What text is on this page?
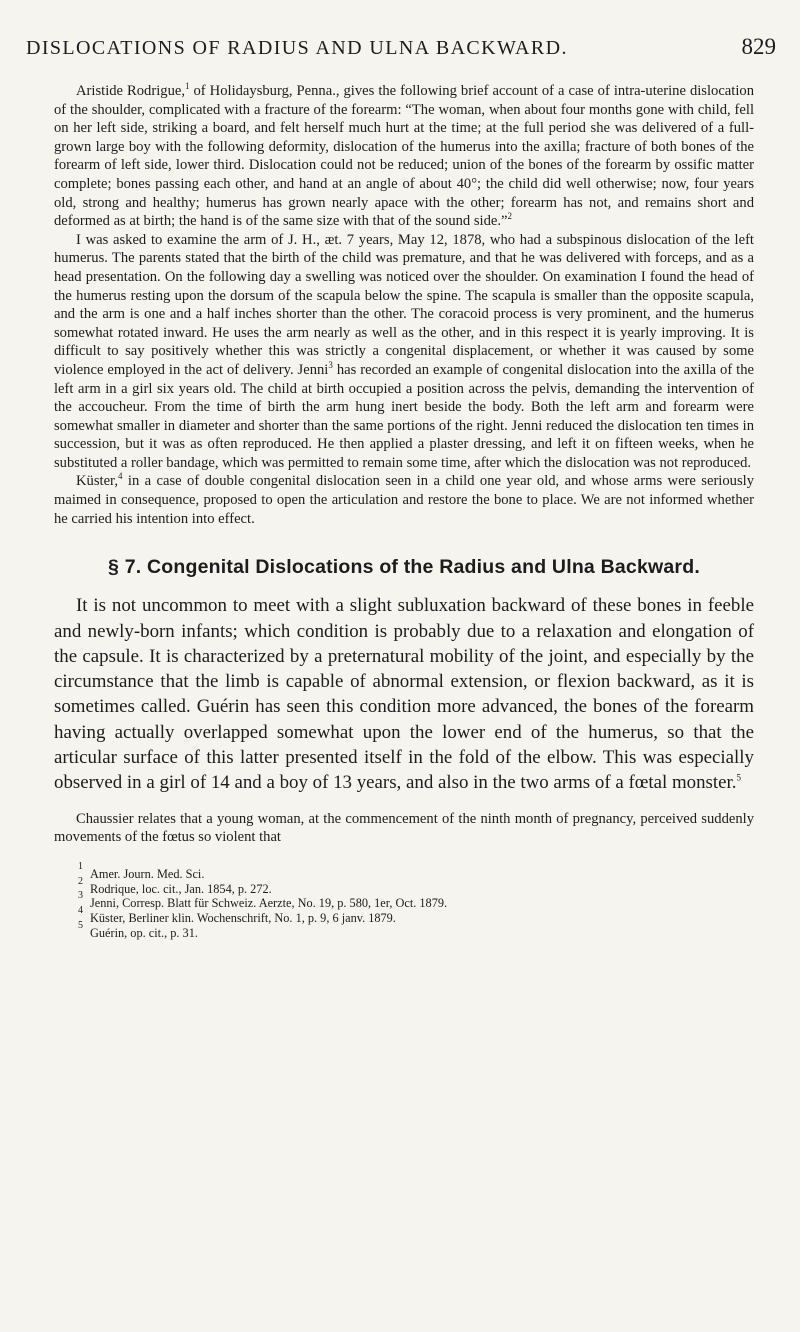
DISLOCATIONS OF RADIUS AND ULNA BACKWARD.	829

Aristide Rodrigue,$^1$ of Holidaysburg, Penna., gives the following brief account of a case of intra-uterine dislocation of the shoulder, complicated with a fracture of the forearm: “The woman, when about four months gone with child, fell on her left side, striking a board, and felt herself much hurt at the time; at the full period she was delivered of a full-grown large boy with the following deformity, dislocation of the humerus into the axilla; fracture of both bones of the forearm of left side, lower third. Dislocation could not be reduced; union of the bones of the forearm by ossific matter complete; bones passing each other, and hand at an angle of about 40°; the child did well otherwise; now, four years old, strong and healthy; humerus has grown nearly apace with the other; forearm has not, and remains short and deformed as at birth; the hand is of the same size with that of the sound side.”$^2$

I was asked to examine the arm of J. H., æt. 7 years, May 12, 1878, who had a subspinous dislocation of the left humerus. The parents stated that the birth of the child was premature, and that he was delivered with forceps, and as a head presentation. On the following day a swelling was noticed over the shoulder. On examination I found the head of the humerus resting upon the dorsum of the scapula below the spine. The scapula is smaller than the opposite scapula, and the arm is one and a half inches shorter than the other. The coracoid process is very prominent, and the humerus somewhat rotated inward. He uses the arm nearly as well as the other, and in this respect it is yearly improving. It is difficult to say positively whether this was strictly a congenital displacement, or whether it was caused by some violence employed in the act of delivery. Jenni$^3$ has recorded an example of congenital dislocation into the axilla of the left arm in a girl six years old. The child at birth occupied a position across the pelvis, demanding the intervention of the accoucheur. From the time of birth the arm hung inert beside the body. Both the left arm and forearm were somewhat smaller in diameter and shorter than the same portions of the right. Jenni reduced the dislocation ten times in succession, but it was as often reproduced. He then applied a plaster dressing, and left it on fifteen weeks, when he substituted a roller bandage, which was permitted to remain some time, after which the dislocation was not reproduced.

Küster,$^4$ in a case of double congenital dislocation seen in a child one year old, and whose arms were seriously maimed in consequence, proposed to open the articulation and restore the bone to place. We are not informed whether he carried his intention into effect.

§ 7. Congenital Dislocations of the Radius and Ulna Backward.

It is not uncommon to meet with a slight subluxation backward of these bones in feeble and newly-born infants; which condition is probably due to a relaxation and elongation of the capsule. It is characterized by a preternatural mobility of the joint, and especially by the circumstance that the limb is capable of abnormal extension, or flexion backward, as it is sometimes called. Guérin has seen this condition more advanced, the bones of the forearm having actually overlapped somewhat upon the lower end of the humerus, so that the articular surface of this latter presented itself in the fold of the elbow. This was especially observed in a girl of 14 and a boy of 13 years, and also in the two arms of a fœtal monster.$^5$

Chaussier relates that a young woman, at the commencement of the ninth month of pregnancy, perceived suddenly movements of the fœtus so violent that

1
Amer. Journ. Med. Sci.
2
Rodrique, loc. cit., Jan. 1854, p. 272.
3
Jenni, Corresp. Blatt für Schweiz. Aerzte, No. 19, p. 580, 1er, Oct. 1879.
4
Küster, Berliner klin. Wochenschrift, No. 1, p. 9, 6 janv. 1879.
5
Guérin, op. cit., p. 31.
